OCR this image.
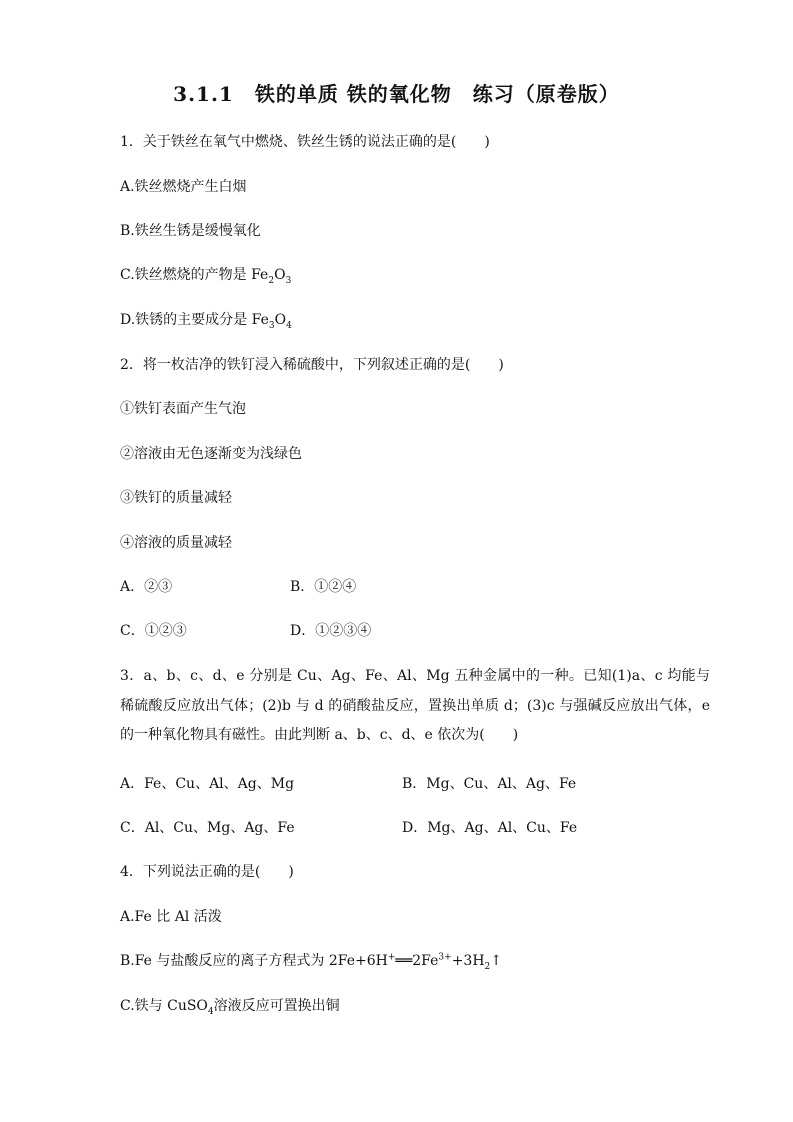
3.1.1　铁的单质 铁的氧化物　练习（原卷版）
1．关于铁丝在氧气中燃烧、铁丝生锈的说法正确的是(　　)
A.铁丝燃烧产生白烟
B.铁丝生锈是缓慢氧化
C.铁丝燃烧的产物是 $Fe_2O_3$
D.铁锈的主要成分是 $Fe_3O_4$
2．将一枚洁净的铁钉浸入稀硫酸中，下列叙述正确的是(　　)
①铁钉表面产生气泡
②溶液由无色逐渐变为浅绿色
③铁钉的质量减轻
④溶液的质量减轻
A．②③	B．①②④
C．①②③	D．①②③④
3．a、b、c、d、e 分别是 Cu、Ag、Fe、Al、Mg 五种金属中的一种。已知(1)a、c 均能与稀硫酸反应放出气体；(2)b 与 d 的硝酸盐反应，置换出单质 d；(3)c 与强碱反应放出气体，e 的一种氧化物具有磁性。由此判断 a、b、c、d、e 依次为(　　)
A．Fe、Cu、Al、Ag、Mg	B．Mg、Cu、Al、Ag、Fe
C．Al、Cu、Mg、Ag、Fe	D．Mg、Ag、Al、Cu、Fe
4．下列说法正确的是(　　)
A.Fe 比 Al 活泼
B.Fe 与盐酸反应的离子方程式为 $2Fe+6H^+══2Fe^{3+}+3H_2↑$
C.铁与 CuSO$_4$溶液反应可置换出铜
